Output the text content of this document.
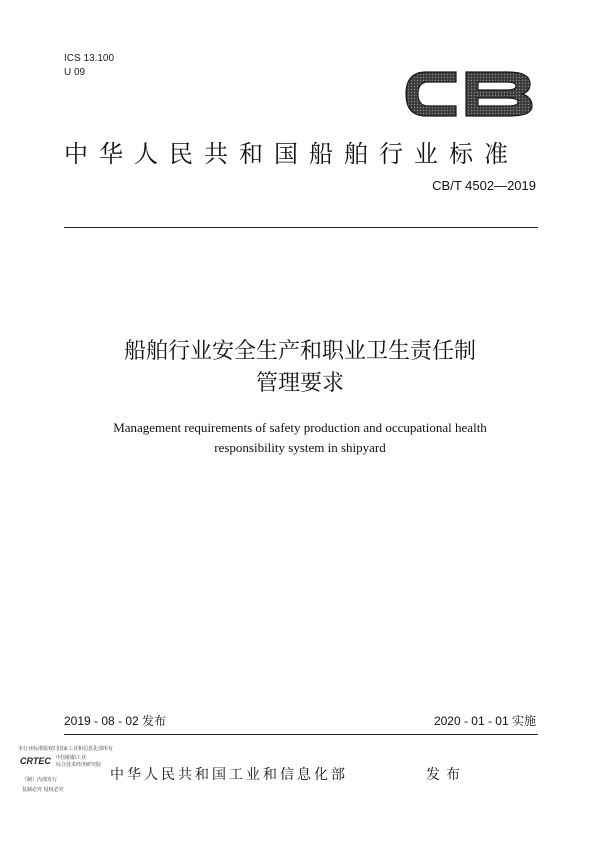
ICS 13.100
U 09
中华人民共和国船舶行业标准
CB/T 4502—2019
船舶行业安全生产和职业卫生责任制
管理要求
Management requirements of safety production and occupational health
responsibility system in shipyard
2019 - 08 - 02 发布	2020 - 01 - 01 实施
本行业标准版权归国家工业和信息化部所有
CRTEC 中国船舶工业
综合技术经济研究院
（制）内部发行
复制必究 侵权必究
中华人民共和国工业和信息化部	发布
